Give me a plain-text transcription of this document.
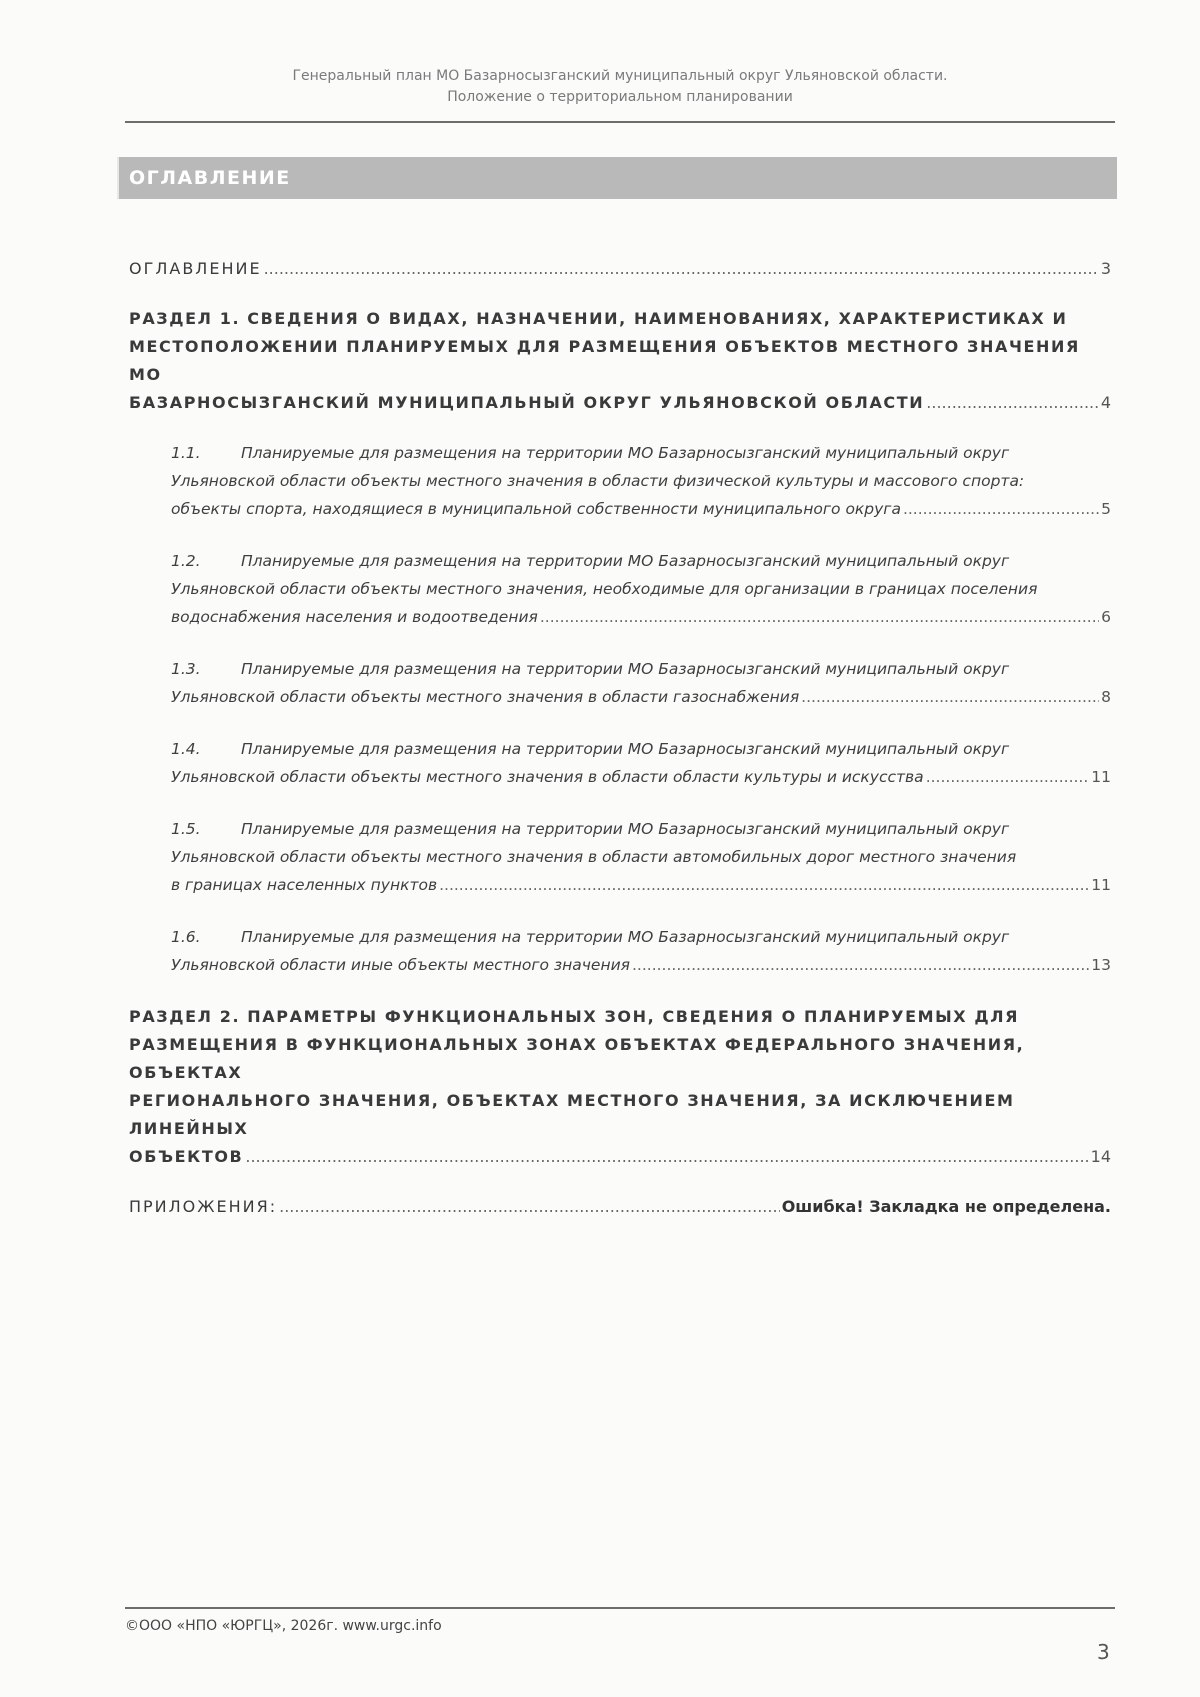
Генеральный план МО Базарносызганский муниципальный округ Ульяновской области.
Положение о территориальном планировании
ОГЛАВЛЕНИЕ
ОГЛАВЛЕНИЕ .....	3
РАЗДЕЛ 1. СВЕДЕНИЯ О ВИДАХ, НАЗНАЧЕНИИ, НАИМЕНОВАНИЯХ, ХАРАКТЕРИСТИКАХ И
МЕСТОПОЛОЖЕНИИ ПЛАНИРУЕМЫХ ДЛЯ РАЗМЕЩЕНИЯ ОБЪЕКТОВ МЕСТНОГО ЗНАЧЕНИЯ МО
БАЗАРНОСЫЗГАНСКИЙ МУНИЦИПАЛЬНЫЙ ОКРУГ УЛЬЯНОВСКОЙ ОБЛАСТИ .....	4
1.1.	Планируемые для размещения на территории МО Базарносызганский муниципальный округ
Ульяновской области объекты местного значения в области физической культуры и массового спорта:
объекты спорта, находящиеся в муниципальной собственности муниципального округа .....	5
1.2.	Планируемые для размещения на территории МО Базарносызганский муниципальный округ
Ульяновской области объекты местного значения, необходимые для организации в границах поселения
водоснабжения населения и водоотведения .....	6
1.3.	Планируемые для размещения на территории МО Базарносызганский муниципальный округ
Ульяновской области объекты местного значения в области газоснабжения .....	8
1.4.	Планируемые для размещения на территории МО Базарносызганский муниципальный округ
Ульяновской области объекты местного значения в области области культуры и искусства .....	11
1.5.	Планируемые для размещения на территории МО Базарносызганский муниципальный округ
Ульяновской области объекты местного значения в области автомобильных дорог местного значения
в границах населенных пунктов .....	11
1.6.	Планируемые для размещения на территории МО Базарносызганский муниципальный округ
Ульяновской области иные объекты местного значения .....	13
РАЗДЕЛ 2. ПАРАМЕТРЫ ФУНКЦИОНАЛЬНЫХ ЗОН, СВЕДЕНИЯ О ПЛАНИРУЕМЫХ ДЛЯ
РАЗМЕЩЕНИЯ В ФУНКЦИОНАЛЬНЫХ ЗОНАХ ОБЪЕКТАХ ФЕДЕРАЛЬНОГО ЗНАЧЕНИЯ, ОБЪЕКТАХ
РЕГИОНАЛЬНОГО ЗНАЧЕНИЯ, ОБЪЕКТАХ МЕСТНОГО ЗНАЧЕНИЯ, ЗА ИСКЛЮЧЕНИЕМ ЛИНЕЙНЫХ
ОБЪЕКТОВ .....	14
ПРИЛОЖЕНИЯ: .....	Ошибка! Закладка не определена.
©ООО «НПО «ЮРГЦ», 2026г. www.urgc.info
3
